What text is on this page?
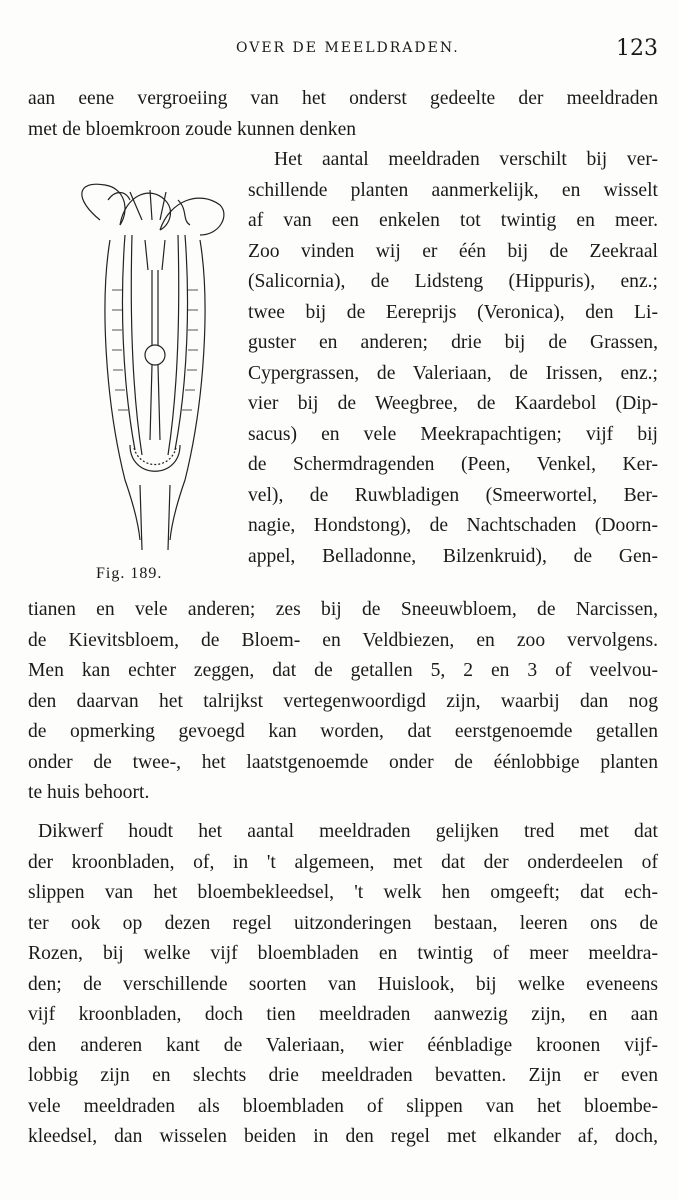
OVER DE MEELDRADEN.	123
aan eene vergroeiing van het onderst gedeelte der meeldraden
met de bloemkroon zoude kunnen denken
Het aantal meeldraden verschilt bij ver-
schillende planten aanmerkelijk, en wisselt
af van een enkelen tot twintig en meer.
Zoo vinden wij er één bij de Zeekraal
(Salicornia), de Lidsteng (Hippuris), enz.;
twee bij de Eereprijs (Veronica), den Li-
guster en anderen; drie bij de Grassen,
Cypergrassen, de Valeriaan, de Irissen, enz.;
vier bij de Weegbree, de Kaardebol (Dip-
sacus) en vele Meekrapachtigen; vijf bij
de Schermdragenden (Peen, Venkel, Ker-
vel), de Ruwbladigen (Smeerwortel, Ber-
nagie, Hondstong), de Nachtschaden (Doorn-
appel, Belladonne, Bilzenkruid), de Gen-
Fig. 189.
tianen en vele anderen; zes bij de Sneeuwbloem, de Narcissen,
de Kievitsbloem, de Bloem- en Veldbiezen, en zoo vervolgens.
Men kan echter zeggen, dat de getallen 5, 2 en 3 of veelvou-
den daarvan het talrijkst vertegenwoordigd zijn, waarbij dan nog
de opmerking gevoegd kan worden, dat eerstgenoemde getallen
onder de twee-, het laatstgenoemde onder de éénlobbige planten
te huis behoort.
Dikwerf houdt het aantal meeldraden gelijken tred met dat
der kroonbladen, of, in 't algemeen, met dat der onderdeelen of
slippen van het bloembekleedsel, 't welk hen omgeeft; dat ech-
ter ook op dezen regel uitzonderingen bestaan, leeren ons de
Rozen, bij welke vijf bloembladen en twintig of meer meeldra-
den; de verschillende soorten van Huislook, bij welke eveneens
vijf kroonbladen, doch tien meeldraden aanwezig zijn, en aan
den anderen kant de Valeriaan, wier éénbladige kroonen vijf-
lobbig zijn en slechts drie meeldraden bevatten. Zijn er even
vele meeldraden als bloembladen of slippen van het bloembe-
kleedsel, dan wisselen beiden in den regel met elkander af, doch,
